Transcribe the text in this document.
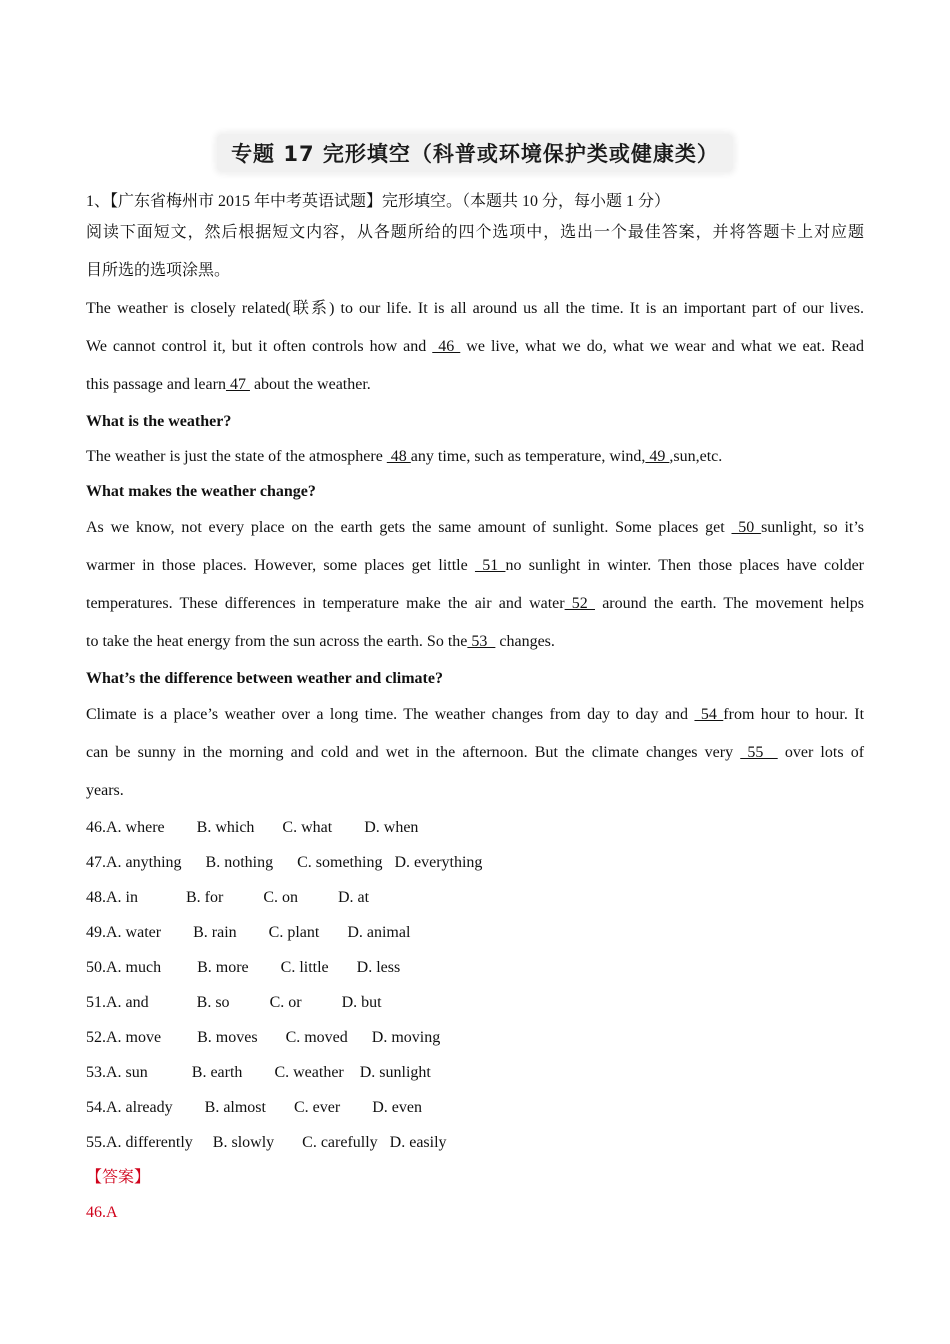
专题 17 完形填空（科普或环境保护类或健康类）
1、【广东省梅州市 2015 年中考英语试题】完形填空。（本题共 10 分，每小题 1 分）
阅读下面短文，然后根据短文内容，从各题所给的四个选项中，选出一个最佳答案，并将答题卡上对应题
目所选的选项涂黑。
The weather is closely related(联系) to our life. It is all around us all the time. It is an important part of our lives.
We cannot control it, but it often controls how and  46  we live, what we do, what we wear and what we eat. Read
this passage and learn 47  about the weather.
What is the weather?
The weather is just the state of the atmosphere  48 any time, such as temperature, wind, 49 ,sun,etc.
What makes the weather change?
As we know, not every place on the earth gets the same amount of sunlight. Some places get  50 sunlight, so it’s
warmer in those places. However, some places get little  51 no sunlight in winter. Then those places have colder
temperatures. These differences in temperature make the air and water 52  around the earth. The movement helps
to take the heat energy from the sun across the earth. So the 53   changes.
What’s the difference between weather and climate?
Climate is a place’s weather over a long time. The weather changes from day to day and  54 from hour to hour. It
can be sunny in the morning and cold and wet in the afternoon. But the climate changes very  55   over lots of
years.
46.A. where B. which C. what D. when
47.A. anything B. nothing C. something D. everything
48.A. in	B. for	C. on	D. at
49.A. water B. rain C. plant D. animal
50.A. much B. more C. little D. less
51.A. and	B. so	C. or	D. but
52.A. move B. moves C. moved D. moving
53.A. sun	B. earth C. weather D. sunlight
54.A. already B. almost C. ever D. even
55.A. differently B. slowly C. carefully D. easily
【答案】
46.A
